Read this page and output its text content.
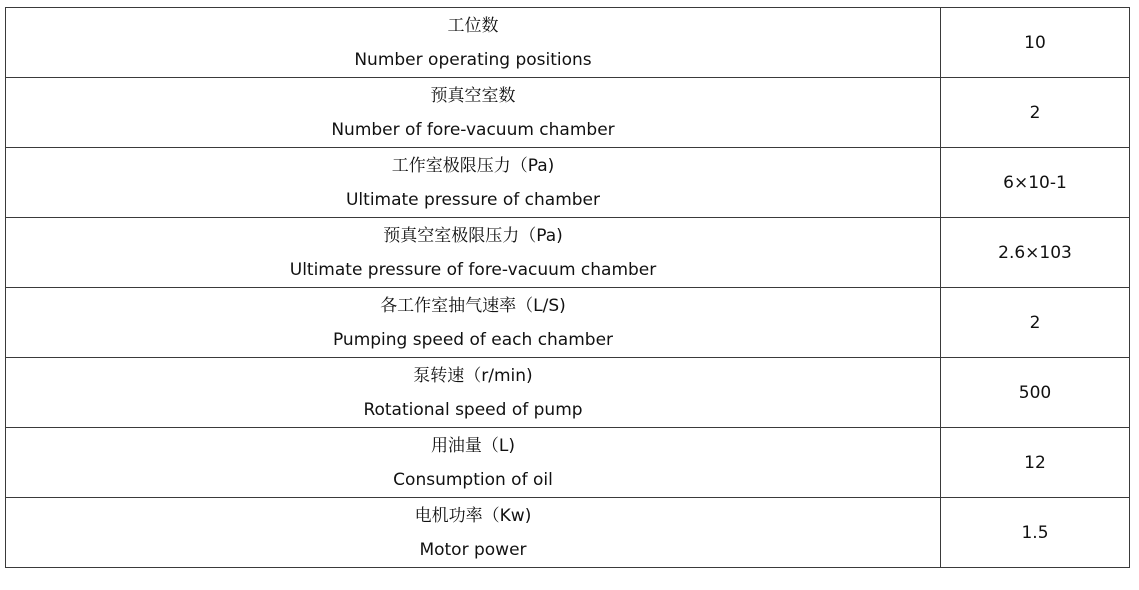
工位数
Number operating positions	10

预真空室数
Number of fore-vacuum chamber	2

工作室极限压力（Pa)
Ultimate pressure of chamber	6×10-1

预真空室极限压力（Pa)
Ultimate pressure of fore-vacuum chamber	2.6×103

各工作室抽气速率（L/S)
Pumping speed of each chamber	2

泵转速（r/min)
Rotational speed of pump	500

用油量（L)
Consumption of oil	12

电机功率（Kw)
Motor power	1.5
